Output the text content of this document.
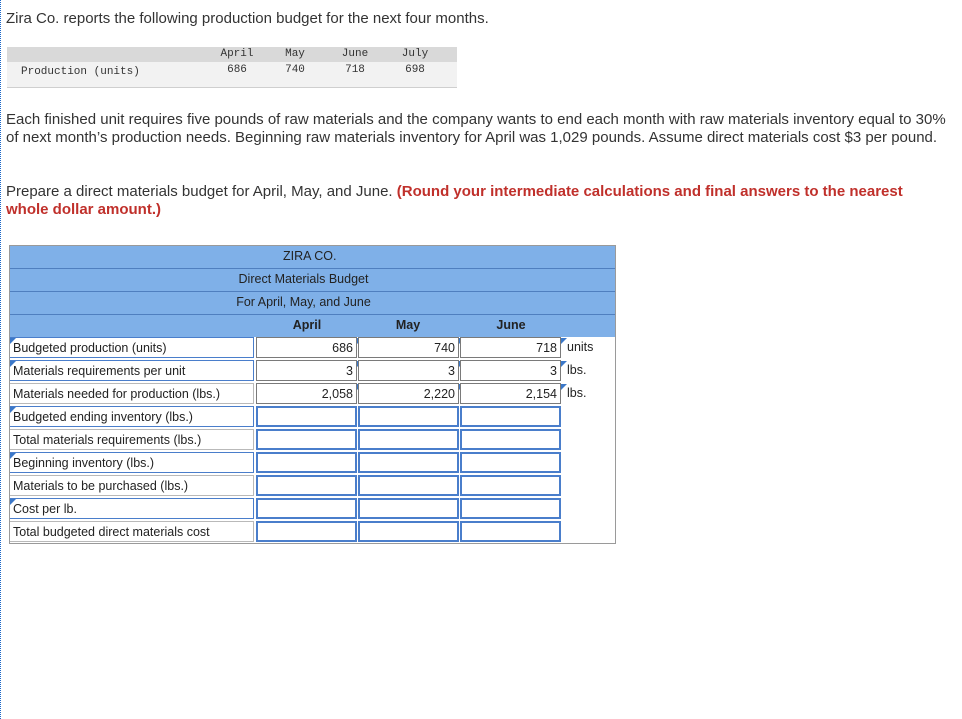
Zira Co. reports the following production budget for the next four months.
April	May	June	July
Production (units)	686	740	718	698
Each finished unit requires five pounds of raw materials and the company wants to end each month with raw materials inventory equal to 30% of next month’s production needs. Beginning raw materials inventory for April was 1,029 pounds. Assume direct materials cost $3 per pound.
Prepare a direct materials budget for April, May, and June. (Round your intermediate calculations and final answers to the nearest whole dollar amount.)
ZIRA CO.
Direct Materials Budget
For April, May, and June
April	May	June
Budgeted production (units)	686	740	718 units
Materials requirements per unit	3	3	3 lbs.
Materials needed for production (lbs.)	2,058	2,220	2,154 lbs.
Budgeted ending inventory (lbs.)
Total materials requirements (lbs.)
Beginning inventory (lbs.)
Materials to be purchased (lbs.)
Cost per lb.
Total budgeted direct materials cost
